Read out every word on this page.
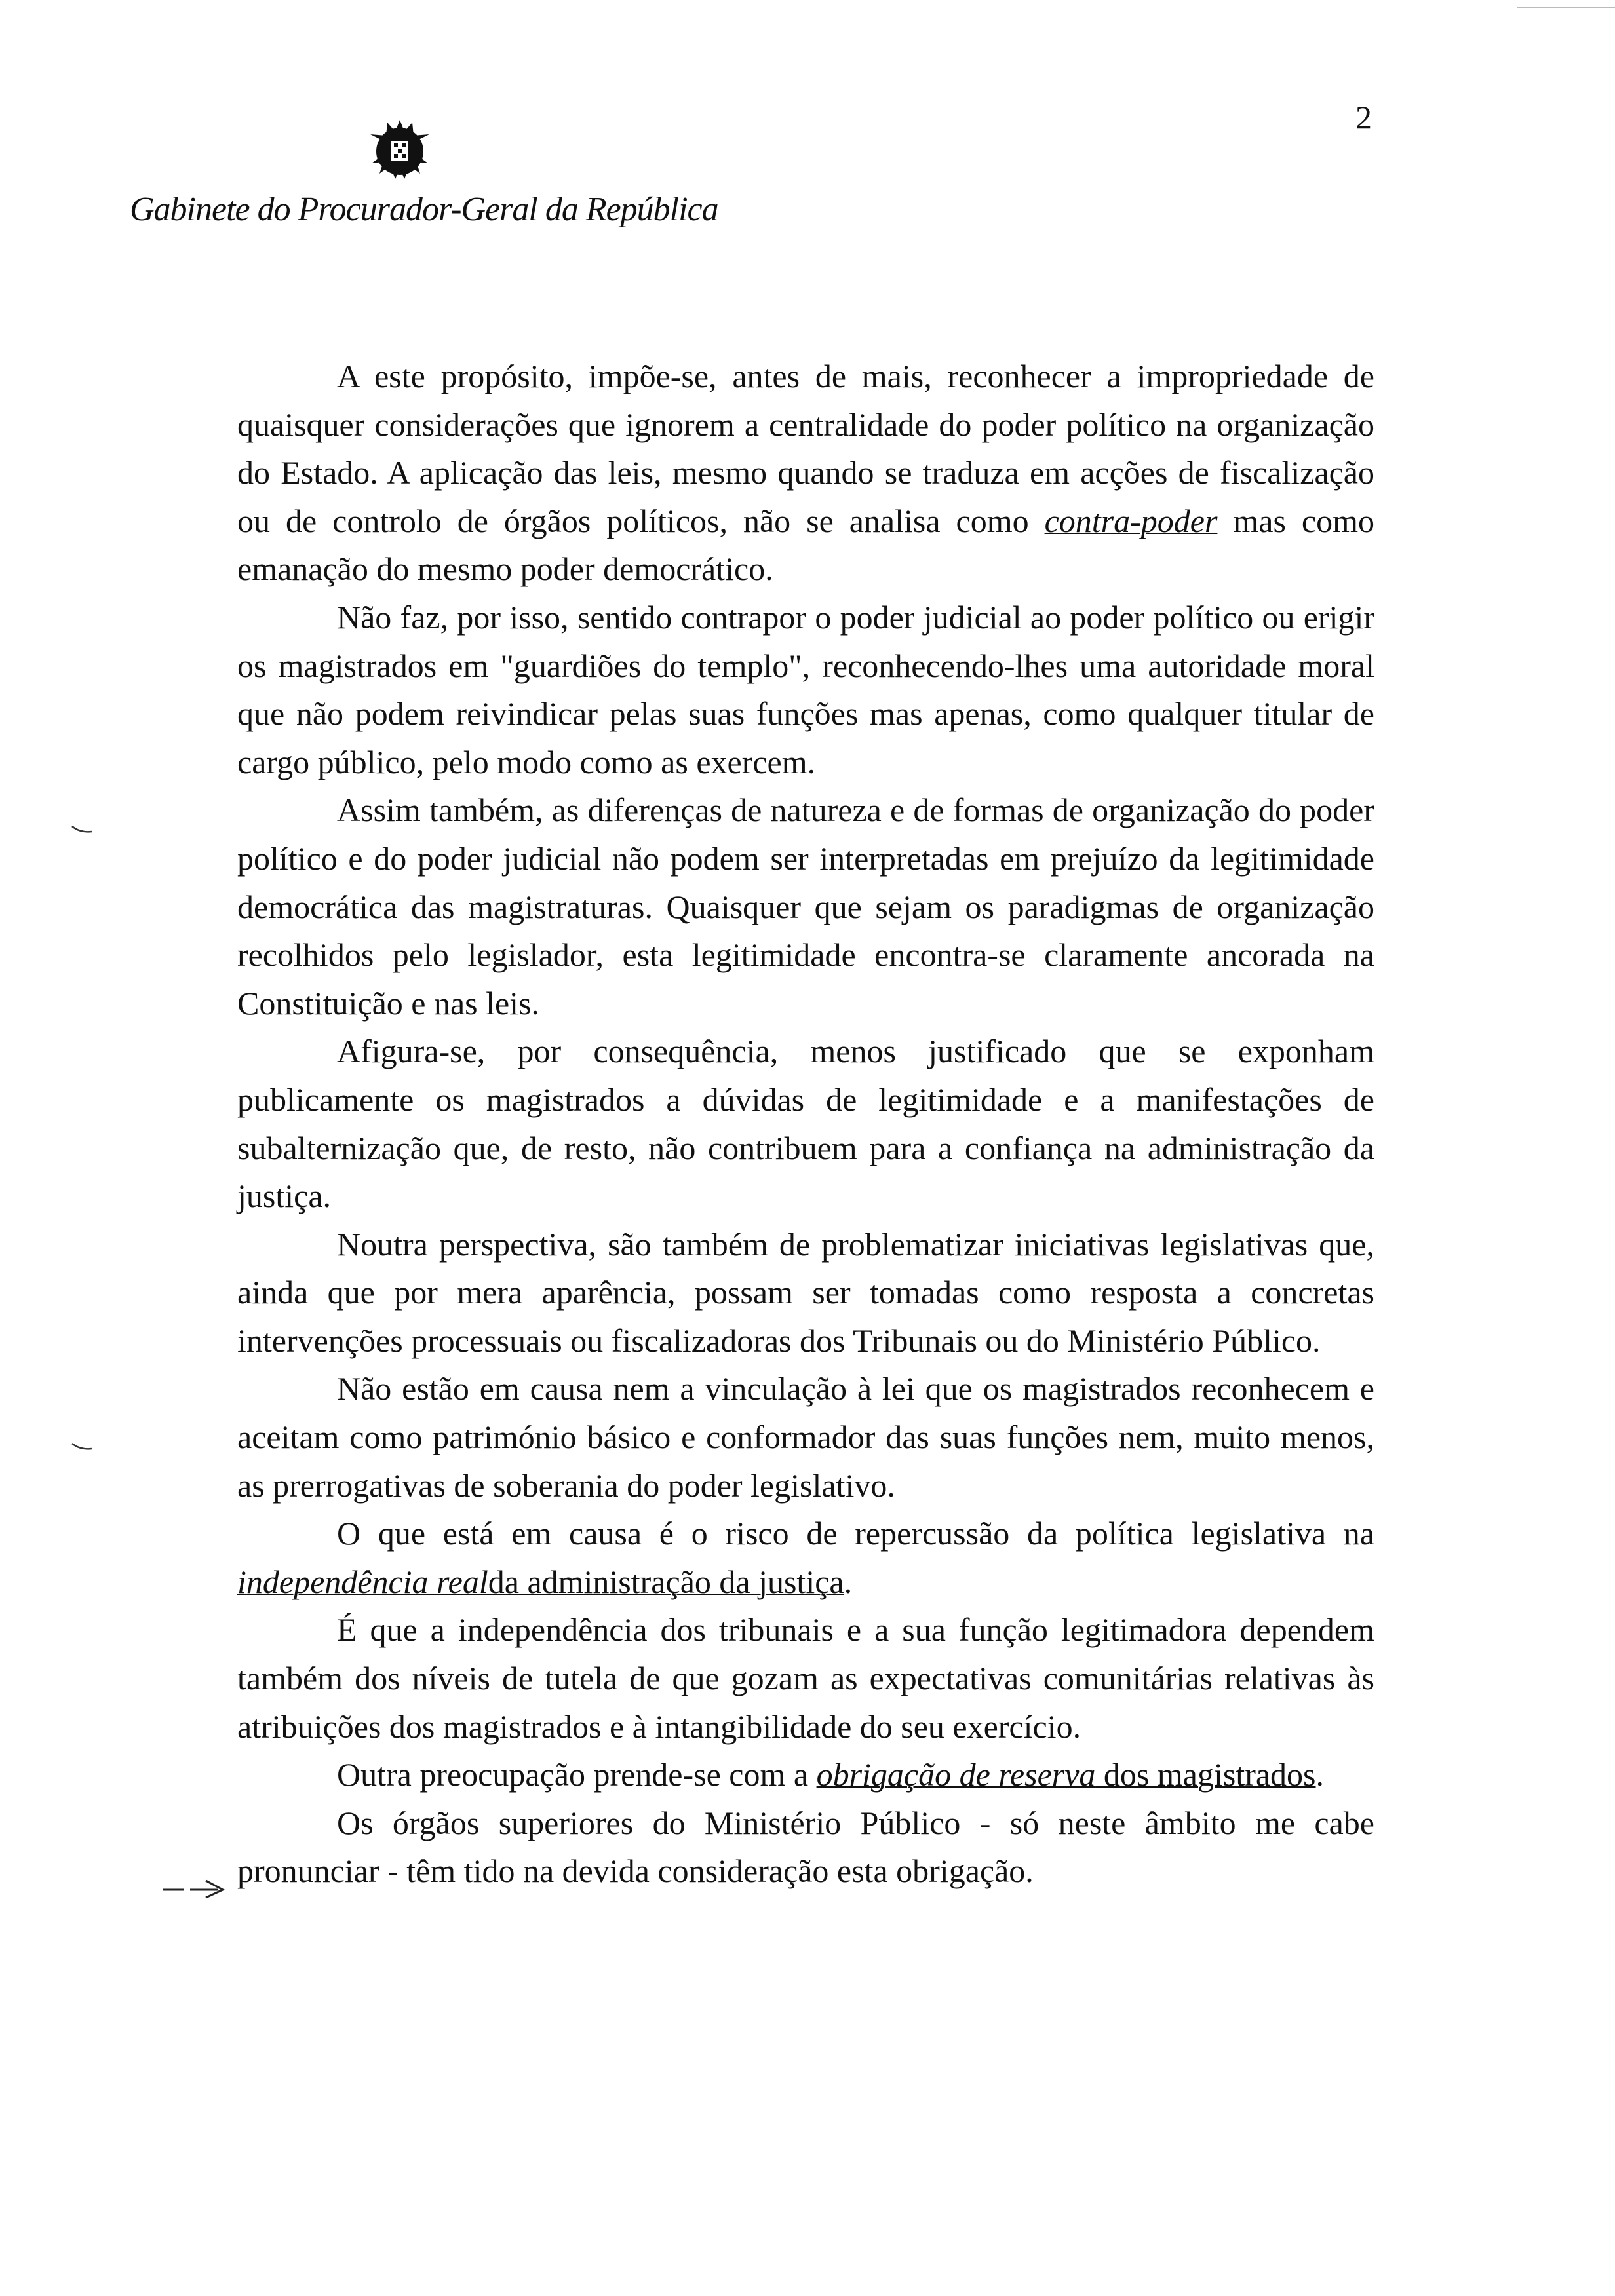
Gabinete do Procurador-Geral da República
2

A este propósito, impõe-se, antes de mais, reconhecer a impropriedade de quaisquer considerações que ignorem a centralidade do poder político na organização do Estado. A aplicação das leis, mesmo quando se traduza em acções de fiscalização ou de controlo de órgãos políticos, não se analisa como contra-poder mas como emanação do mesmo poder democrático.

Não faz, por isso, sentido contrapor o poder judicial ao poder político ou erigir os magistrados em "guardiões do templo", reconhecendo-lhes uma autoridade moral que não podem reivindicar pelas suas funções mas apenas, como qualquer titular de cargo público, pelo modo como as exercem.

Assim também, as diferenças de natureza e de formas de organização do poder político e do poder judicial não podem ser interpretadas em prejuízo da legitimidade democrática das magistraturas. Quaisquer que sejam os paradigmas de organização recolhidos pelo legislador, esta legitimidade encontra-se claramente ancorada na Constituição e nas leis.

Afigura-se, por consequência, menos justificado que se exponham publicamente os magistrados a dúvidas de legitimidade e a manifestações de subalternização que, de resto, não contribuem para a confiança na administração da justiça.

Noutra perspectiva, são também de problematizar iniciativas legislativas que, ainda que por mera aparência, possam ser tomadas como resposta a concretas intervenções processuais ou fiscalizadoras dos Tribunais ou do Ministério Público.

Não estão em causa nem a vinculação à lei que os magistrados reconhecem e aceitam como património básico e conformador das suas funções nem, muito menos, as prerrogativas de soberania do poder legislativo.

O que está em causa é o risco de repercussão da política legislativa na independência realda administração da justiça.

É que a independência dos tribunais e a sua função legitimadora dependem também dos níveis de tutela de que gozam as expectativas comunitárias relativas às atribuições dos magistrados e à intangibilidade do seu exercício.

Outra preocupação prende-se com a obrigação de reserva dos magistrados.

Os órgãos superiores do Ministério Público - só neste âmbito me cabe pronunciar - têm tido na devida consideração esta obrigação.
